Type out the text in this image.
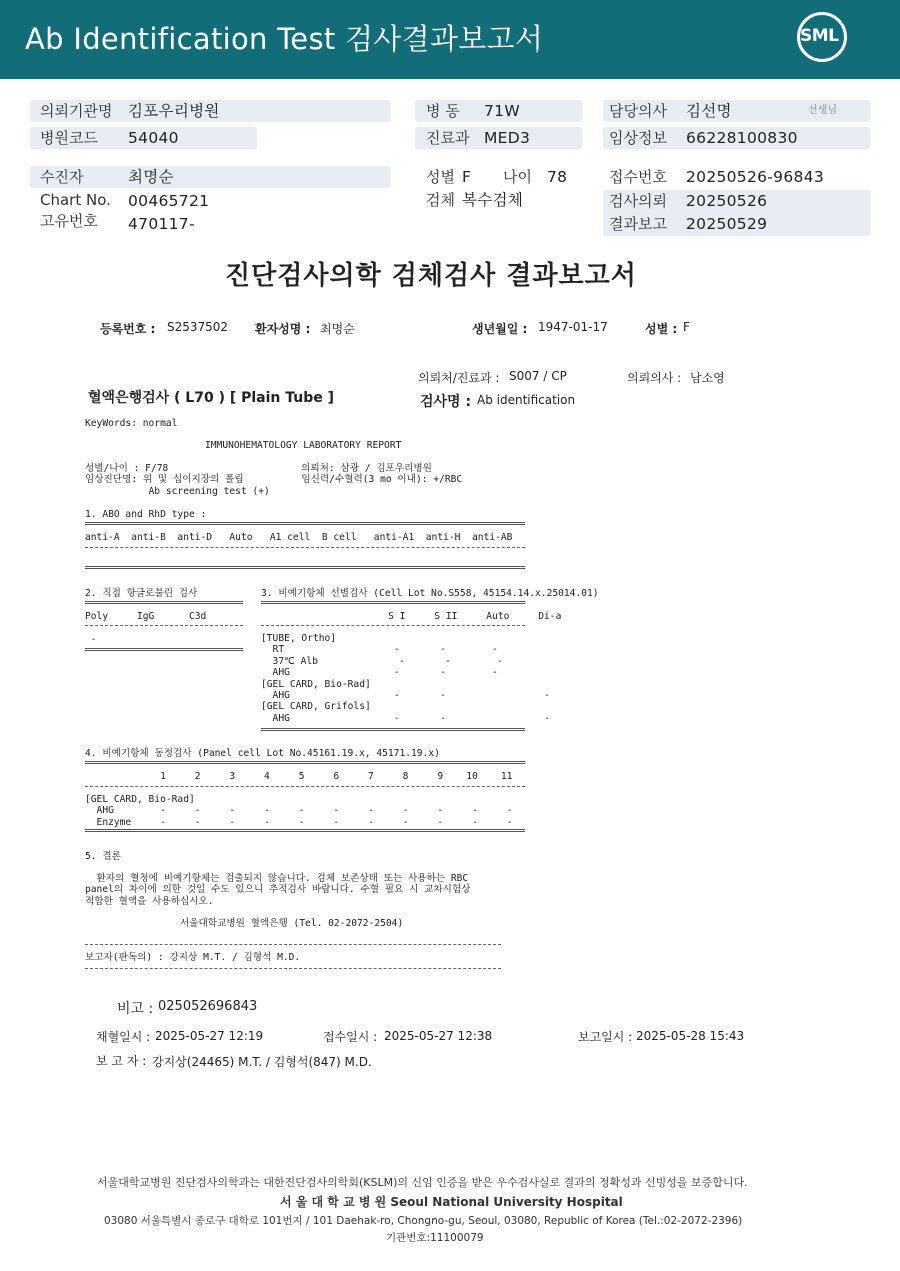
Ab Identification Test 검사결과보고서	SML
의뢰기관명 김포우리병원
병원코드 54040
병 동 71W
진료과 MED3
담당의사 김선명	선생님
임상정보 66228100830
수진자	최명순
Chart No. 00465721
고유번호 470117-
성별 F 나이 78
검체 복수검체
접수번호 20250526-96843
검사의뢰 20250526
결과보고 20250529
진단검사의학 검체검사 결과보고서
등록번호 : S2537502 환자성명 : 최명순	생년월일 : 1947-01-17	성별 : F
의뢰처/진료과 : S007 / CP	의뢰의사 : 남소영
혈액은행검사 ( L70 ) [ Plain Tube ]	검사명 : Ab identification
KeyWords: normal
IMMUNOHEMATOLOGY LABORATORY REPORT
성별/나이 : F/78                       의뢰처: 삼광 / 김포우리병원
임상진단명: 위 및 십이지장의 폴립          임신력/수혈력(3 mo 이내): +/RBC
Ab screening test (+)
1. ABO and RhD type :
anti-A  anti-B  anti-D   Auto   A1 cell  B cell   anti-A1  anti-H  anti-AB
2. 직접 항글로불린 검사
Poly     IgG      C3d
-
3. 비예기항체 선별검사 (Cell Lot No.S558, 45154.14.x.25014.01)
S I     S II     Auto     Di-a
[TUBE, Ortho]
RT                   -       -        -
37℃ Alb              -       -        -
AHG                  -       -        -
[GEL CARD, Bio-Rad]
AHG                  -       -                 -
[GEL CARD, Grifols]
AHG                  -       -                 -
4. 비예기항체 동정검사 (Panel cell Lot No.45161.19.x, 45171.19.x)
1     2     3     4     5     6     7     8     9    10    11
[GEL CARD, Bio-Rad]
AHG        -     -     -     -     -     -     -     -     -     -     -
Enzyme     -     -     -     -     -     -     -     -     -     -     -
5. 결론
환자의 혈청에 비예기항체는 검출되지 않습니다. 검체 보존상태 또는 사용하는 RBC
panel의 차이에 의한 것일 수도 있으니 추적검사 바랍니다. 수혈 필요 시 교차시험상
적합한 혈액을 사용하십시오.
서울대학교병원 혈액은행 (Tel. 02-2072-2504)
보고자(판독의) : 강지상 M.T. / 김형석 M.D.
비고 : 025052696843
채혈일시 : 2025-05-27 12:19	접수일시 : 2025-05-27 12:38	보고일시 : 2025-05-28 15:43
보 고 자 : 강지상(24465) M.T. / 김형석(847) M.D.
서울대학교병원 진단검사의학과는 대한진단검사의학회(KSLM)의 신임 인증을 받은 우수검사실로 결과의 정확성과 신빙성을 보증합니다.
서 울 대 학 교 병 원 Seoul National University Hospital
03080 서울특별시 종로구 대학로 101번지 / 101 Daehak-ro, Chongno-gu, Seoul, 03080, Republic of Korea (Tel.:02-2072-2396)
기관번호:11100079
